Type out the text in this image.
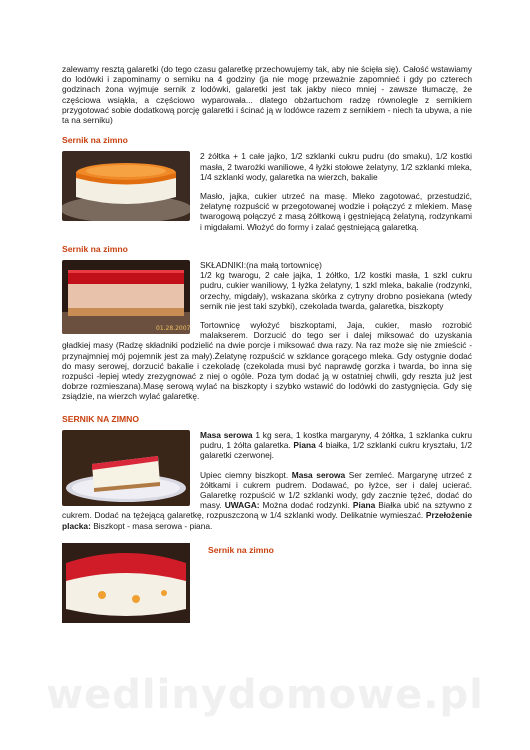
zalewamy resztą galaretki (do tego czasu galaretkę przechowujemy tak, aby nie ścięła się). Całość wstawiamy do lodówki i zapominamy o serniku na 4 godziny (ja nie mogę przeważnie zapomnieć i gdy po czterech godzinach żona wyjmuje sernik z lodówki, galaretki jest tak jakby nieco mniej - zawsze tłumaczę, że częściowa wsiąkła, a częściowo wyparowała... dlatego obżartuchom radzę równolegle z sernikiem przygotować sobie dodatkową porcję galaretki i ścinać ją w lodówce razem z sernikiem - niech ta ubywa, a nie ta na serniku)

Sernik na zimno

2 żółtka + 1 całe jajko, 1/2 szklanki cukru pudru (do smaku), 1/2 kostki masła, 2 twarożki waniliowe, 4 łyżki stołowe żelatyny, 1/2 szklanki mleka, 1/4 szklanki wody, galaretka na wierzch, bakalie

Masło, jajka, cukier utrzeć na masę. Mleko zagotować, przestudzić, żelatynę rozpuścić w przegotowanej wodzie i połączyć z mlekiem. Masę twarogową połączyć z masą żółtkową i gęstniejącą żelatyną, rodzynkami i migdałami. Włożyć do formy i zalać gęstniejącą galaretką.

Sernik na zimno
01.28.2007

SKŁADNIKI:(na małą tortownicę)

1/2 kg twarogu, 2 całe jajka, 1 żółtko, 1/2 kostki masła, 1 szkl cukru pudru, cukier waniliowy, 1 łyżka żelatyny, 1 szkl mleka, bakalie (rodzynki, orzechy, migdały), wskazana skórka z cytryny drobno posiekana (wtedy sernik nie jest taki szybki), czekolada twarda, galaretka, biszkopty

Tortownicę wyłożyć biszkoptami, Jaja, cukier, masło rozrobić malakserem. Dorzucić do tego ser i dalej miksować do uzyskania gładkiej masy (Radzę składniki podzielić na dwie porcje i miksować dwa razy. Na raz może się nie zmieścić -przynajmniej mój pojemnik jest za mały).Żelatynę rozpuścić w szklance gorącego mleka. Gdy ostygnie dodać do masy serowej, dorzucić bakalie i czekoladę (czekolada musi być naprawdę gorzka i twarda, bo inna się rozpuści -lepiej wtedy zrezygnować z niej o ogóle. Poza tym dodać ją w ostatniej chwili, gdy reszta już jest dobrze rozmieszana).Masę serową wylać na biszkopty i szybko wstawić do lodówki do zastygnięcia. Gdy się zsiądzie, na wierzch wylać galaretkę.

SERNIK NA ZIMNO

Masa serowa 1 kg sera, 1 kostka margaryny, 4 żółtka, 1 szklanka cukru pudru, 1 żółta galaretka. Piana 4 białka, 1/2 szklanki cukru kryształu, 1/2 galaretki czerwonej.

Upiec ciemny biszkopt. Masa serowa Ser zemleć. Margarynę utrzeć z żółtkami i cukrem pudrem. Dodawać, po łyżce, ser i dalej ucierać. Galaretkę rozpuścić w 1/2 szklanki wody, gdy zacznie tężeć, dodać do masy. UWAGA: Można dodać rodzynki. Piana Białka ubić na sztywno z cukrem. Dodać na tężejącą galaretkę, rozpuszczoną w 1/4 szklanki wody. Delikatnie wymieszać. Przełożenie placka: Biszkopt - masa serowa - piana.

Sernik na zimno
wedlinydomowe.pl
